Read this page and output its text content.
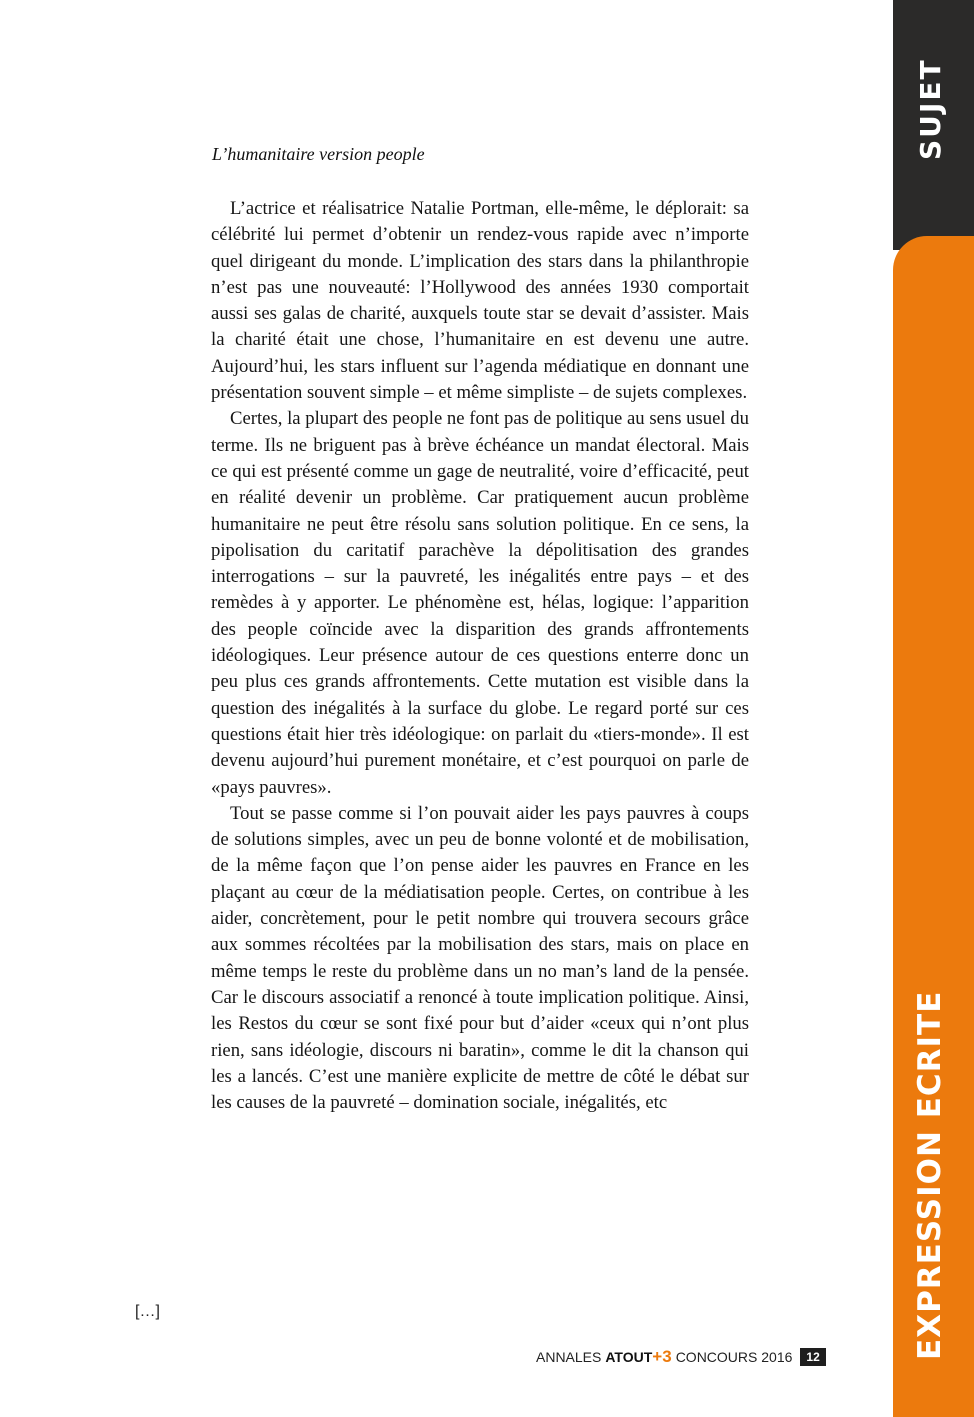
SUJET
EXPRESSION ECRITE
L’humanitaire version people

L’actrice et réalisatrice Natalie Portman, elle-même, le déplorait: sa célébrité lui permet d’obtenir un rendez-vous rapide avec n’importe quel dirigeant du monde. L’implication des stars dans la philanthropie n’est pas une nouveauté: l’Hollywood des années 1930 comportait aussi ses galas de charité, auxquels toute star se devait d’assister. Mais la charité était une chose, l’humanitaire en est devenu une autre. Aujourd’hui, les stars influent sur l’agenda médiatique en donnant une présentation souvent simple – et même simpliste – de sujets complexes.

Certes, la plupart des people ne font pas de politique au sens usuel du terme. Ils ne briguent pas à brève échéance un mandat électoral. Mais ce qui est présenté comme un gage de neutralité, voire d’efficacité, peut en réalité devenir un problème. Car pratiquement aucun problème humanitaire ne peut être résolu sans solution politique. En ce sens, la pipolisation du caritatif parachève la dépolitisation des grandes interrogations – sur la pauvreté, les inégalités entre pays – et des remèdes à y apporter. Le phénomène est, hélas, logique: l’apparition des people coïncide avec la disparition des grands affrontements idéologiques. Leur présence autour de ces questions enterre donc un peu plus ces grands affrontements. Cette mutation est visible dans la question des inégalités à la surface du globe. Le regard porté sur ces questions était hier très idéologique: on parlait du «tiers-monde». Il est devenu aujourd’hui purement monétaire, et c’est pourquoi on parle de «pays pauvres».

Tout se passe comme si l’on pouvait aider les pays pauvres à coups de solutions simples, avec un peu de bonne volonté et de mobilisation, de la même façon que l’on pense aider les pauvres en France en les plaçant au cœur de la médiatisation people. Certes, on contribue à les aider, concrètement, pour le petit nombre qui trouvera secours grâce aux sommes récoltées par la mobilisation des stars, mais on place en même temps le reste du problème dans un no man’s land de la pensée. Car le discours associatif a renoncé à toute implication politique. Ainsi, les Restos du cœur se sont fixé pour but d’aider «ceux qui n’ont plus rien, sans idéologie, discours ni baratin», comme le dit la chanson qui les a lancés. C’est une manière explicite de mettre de côté le débat sur les causes de la pauvreté – domination sociale, inégalités, etc

[…]
ANNALES ATOUT + 3 CONCOURS 2016	12
